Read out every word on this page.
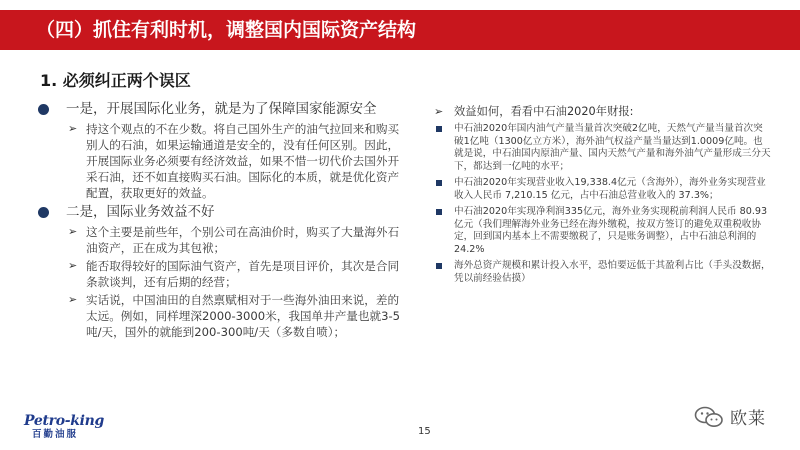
（四）抓住有利时机，调整国内国际资产结构
1. 必须纠正两个误区
一是，开展国际化业务，就是为了保障国家能源安全
➢ 持这个观点的不在少数。将自己国外生产的油气拉回来和购买别人的石油，如果运输通道是安全的，没有任何区别。因此，开展国际业务必须要有经济效益，如果不惜一切代价去国外开采石油，还不如直接购买石油。国际化的本质，就是优化资产配置，获取更好的效益。
二是，国际业务效益不好
➢ 这个主要是前些年，个别公司在高油价时，购买了大量海外石油资产，正在成为其包袱；
➢ 能否取得较好的国际油气资产，首先是项目评价，其次是合同条款谈判，还有后期的经营；
➢ 实话说，中国油田的自然禀赋相对于一些海外油田来说，差的太远。例如，同样埋深2000-3000米，我国单井产量也就3-5吨/天，国外的就能到200-300吨/天（多数自喷）；
➢ 效益如何，看看中石油2020年财报:
中石油2020年国内油气产量当量首次突破2亿吨，天然气产量当量首次突破1亿吨（1300亿立方米），海外油气权益产量当量达到1.0009亿吨。也就是说，中石油国内原油产量、国内天然气产量和海外油气产量形成三分天下，都达到一亿吨的水平；
中石油2020年实现营业收入19,338.4亿元（含海外），海外业务实现营业收入人民币 7,210.15 亿元，占中石油总营业收入的 37.3%；
中石油2020年实现净利润335亿元，海外业务实现税前利润人民币 80.93 亿元（我们理解海外业务已经在海外缴税，按双方签订的避免双重税收协定，回到国内基本上不需要缴税了，只是账务调整），占中石油总利润的24.2%
海外总资产规模和累计投入水平，恐怕要远低于其盈利占比（手头没数据，凭以前经验估摸）
Petro-king
百勤油服	15
欧莱
